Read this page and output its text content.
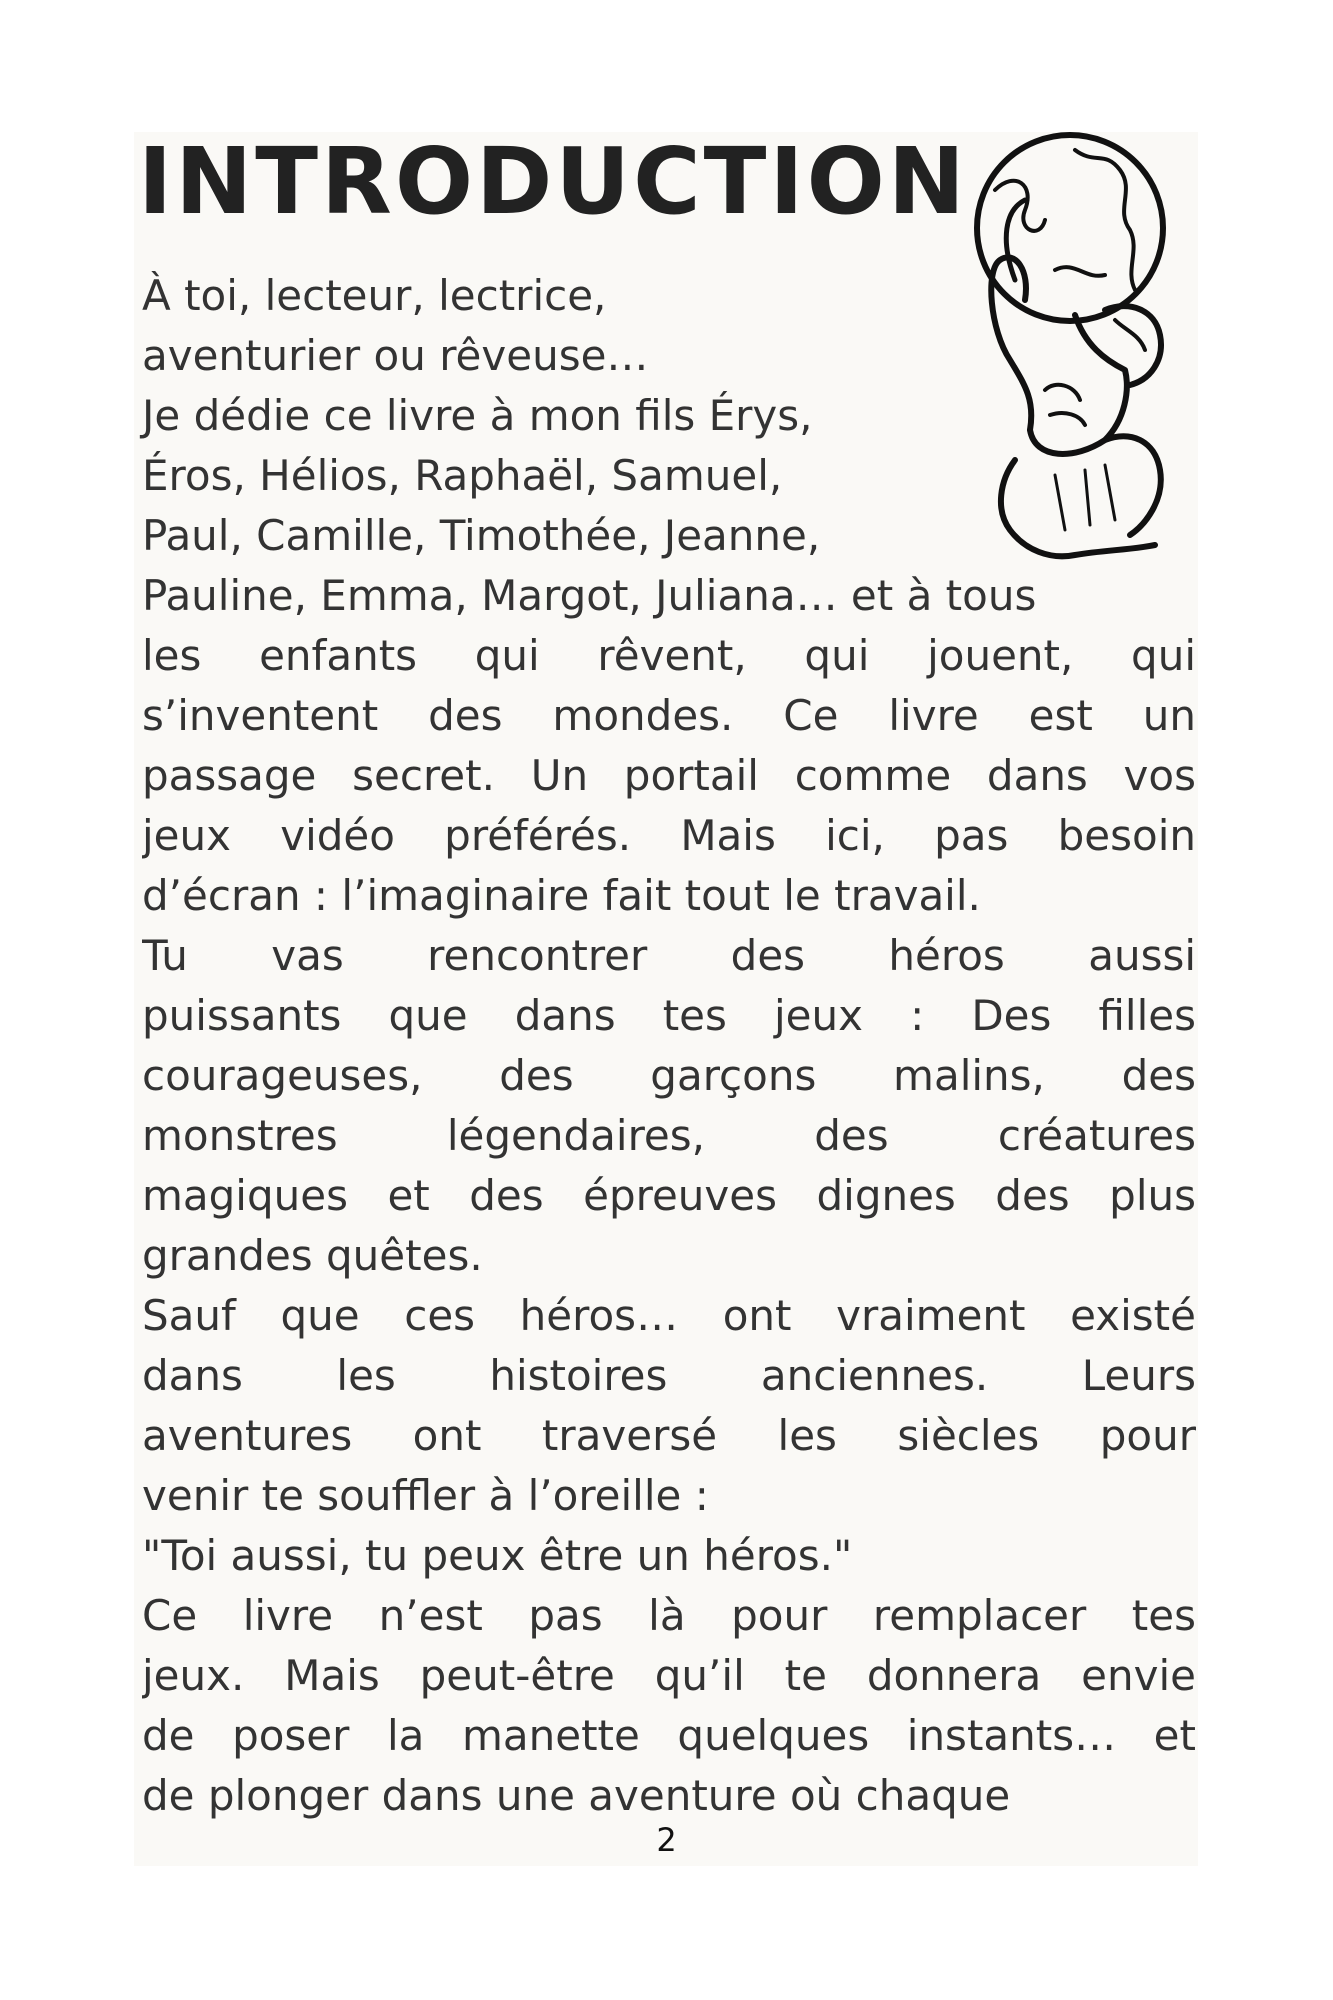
INTRODUCTION
À toi, lecteur, lectrice,
aventurier ou rêveuse…
Je dédie ce livre à mon fils Érys,
Éros, Hélios, Raphaël, Samuel,
Paul, Camille, Timothée, Jeanne,
Pauline, Emma, Margot, Juliana… et à tous
les enfants qui rêvent, qui jouent, qui
s’inventent des mondes. Ce livre est un
passage secret. Un portail comme dans vos
jeux vidéo préférés. Mais ici, pas besoin
d’écran : l’imaginaire fait tout le travail.
Tu vas rencontrer des héros aussi
puissants que dans tes jeux : Des filles
courageuses, des garçons malins, des
monstres légendaires, des créatures
magiques et des épreuves dignes des plus
grandes quêtes.
Sauf que ces héros… ont vraiment existé
dans les histoires anciennes. Leurs
aventures ont traversé les siècles pour
venir te souffler à l’oreille :
"Toi aussi, tu peux être un héros."
Ce livre n’est pas là pour remplacer tes
jeux. Mais peut-être qu’il te donnera envie
de poser la manette quelques instants… et
de plonger dans une aventure où chaque
2
